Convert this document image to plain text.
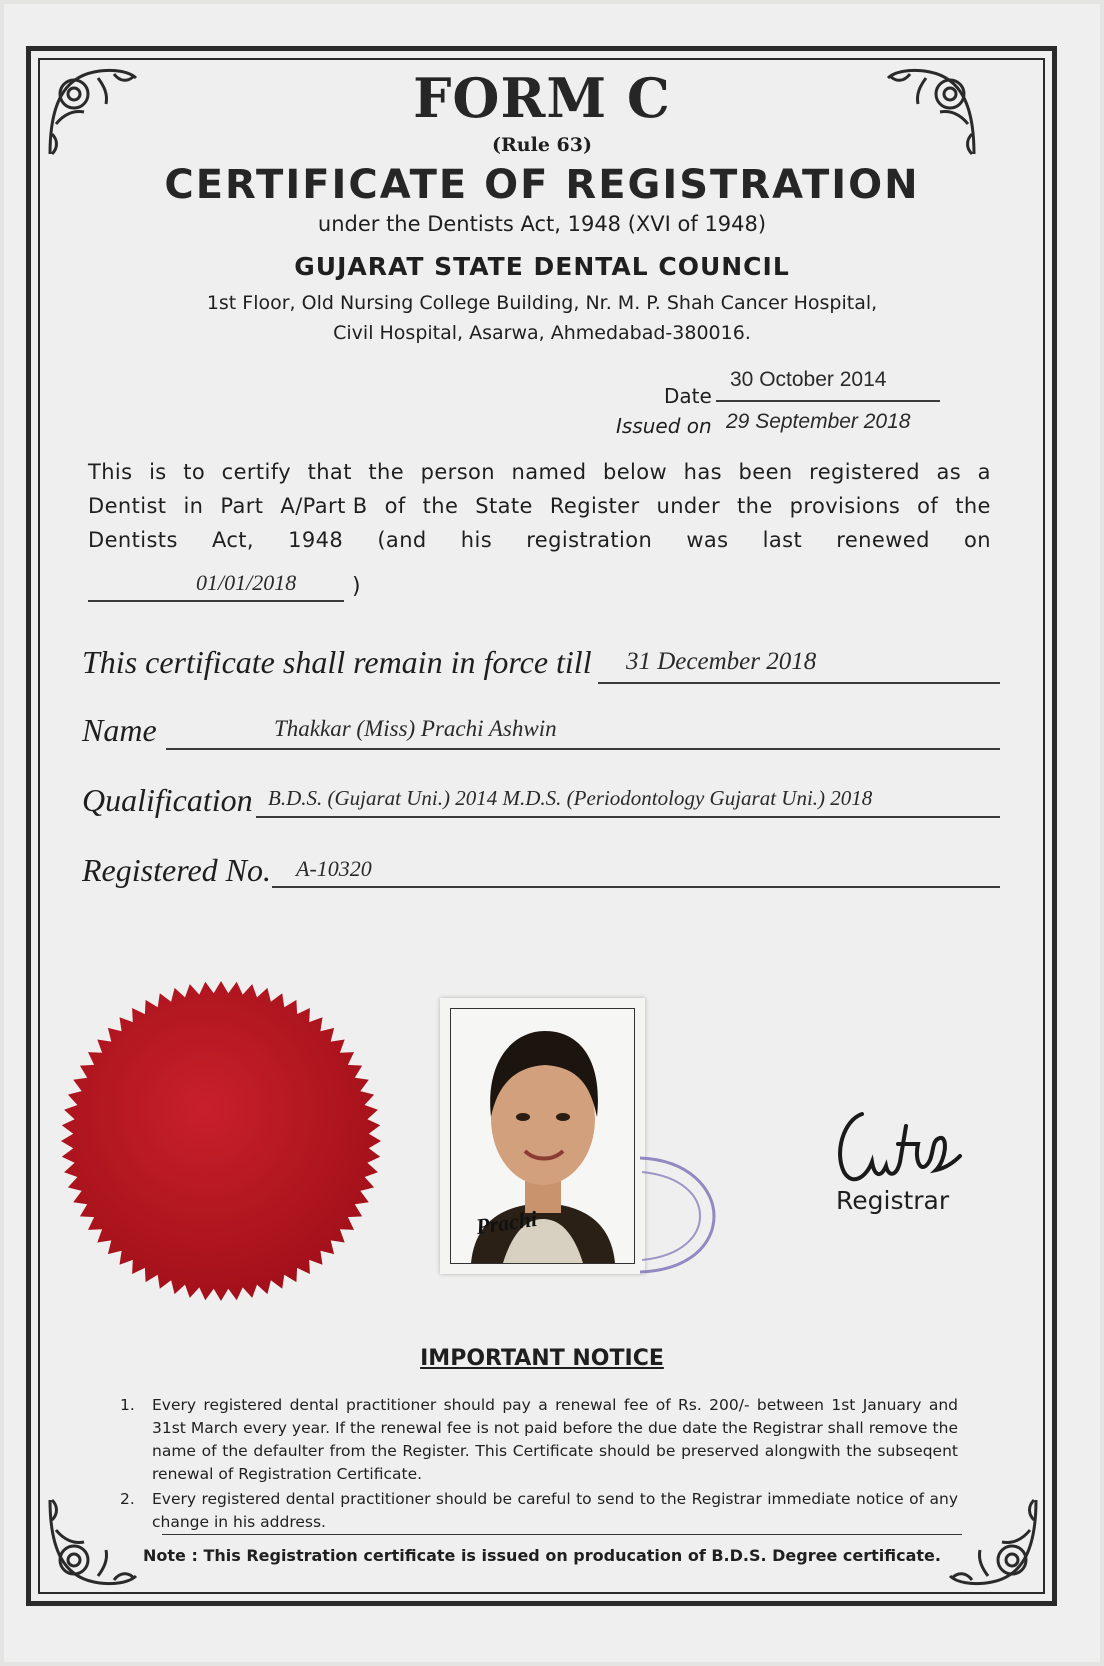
FORM C
(Rule 63)
CERTIFICATE OF REGISTRATION
under the Dentists Act, 1948 (XVI of 1948)
GUJARAT STATE DENTAL COUNCIL
1st Floor, Old Nursing College Building, Nr. M. P. Shah Cancer Hospital,
Civil Hospital, Asarwa, Ahmedabad-380016.
Date
30 October 2014
Issued on 29 September 2018
This is to certify that the person named below has been registered as a
Dentist in Part A/Part B of the State Register under the provisions of the
Dentists Act, 1948 (and his registration was last renewed on
01/01/2018	)
This certificate shall remain in force till 31 December 2018
Name	Thakkar (Miss) Prachi Ashwin
Qualification B.D.S. (Gujarat Uni.) 2014 M.D.S. (Periodontology Gujarat Uni.) 2018
Registered No. A-10320
Prachi
Registrar
IMPORTANT NOTICE
1. Every registered dental practitioner should pay a renewal fee of Rs. 200/- between 1st January and 31st March every year. If the renewal fee is not paid before the due date the Registrar shall remove the name of the defaulter from the Register. This Certificate should be preserved alongwith the subseqent renewal of Registration Certificate.
2. Every registered dental practitioner should be careful to send to the Registrar immediate notice of any change in his address.
Note : This Registration certificate is issued on producation of B.D.S. Degree certificate.
